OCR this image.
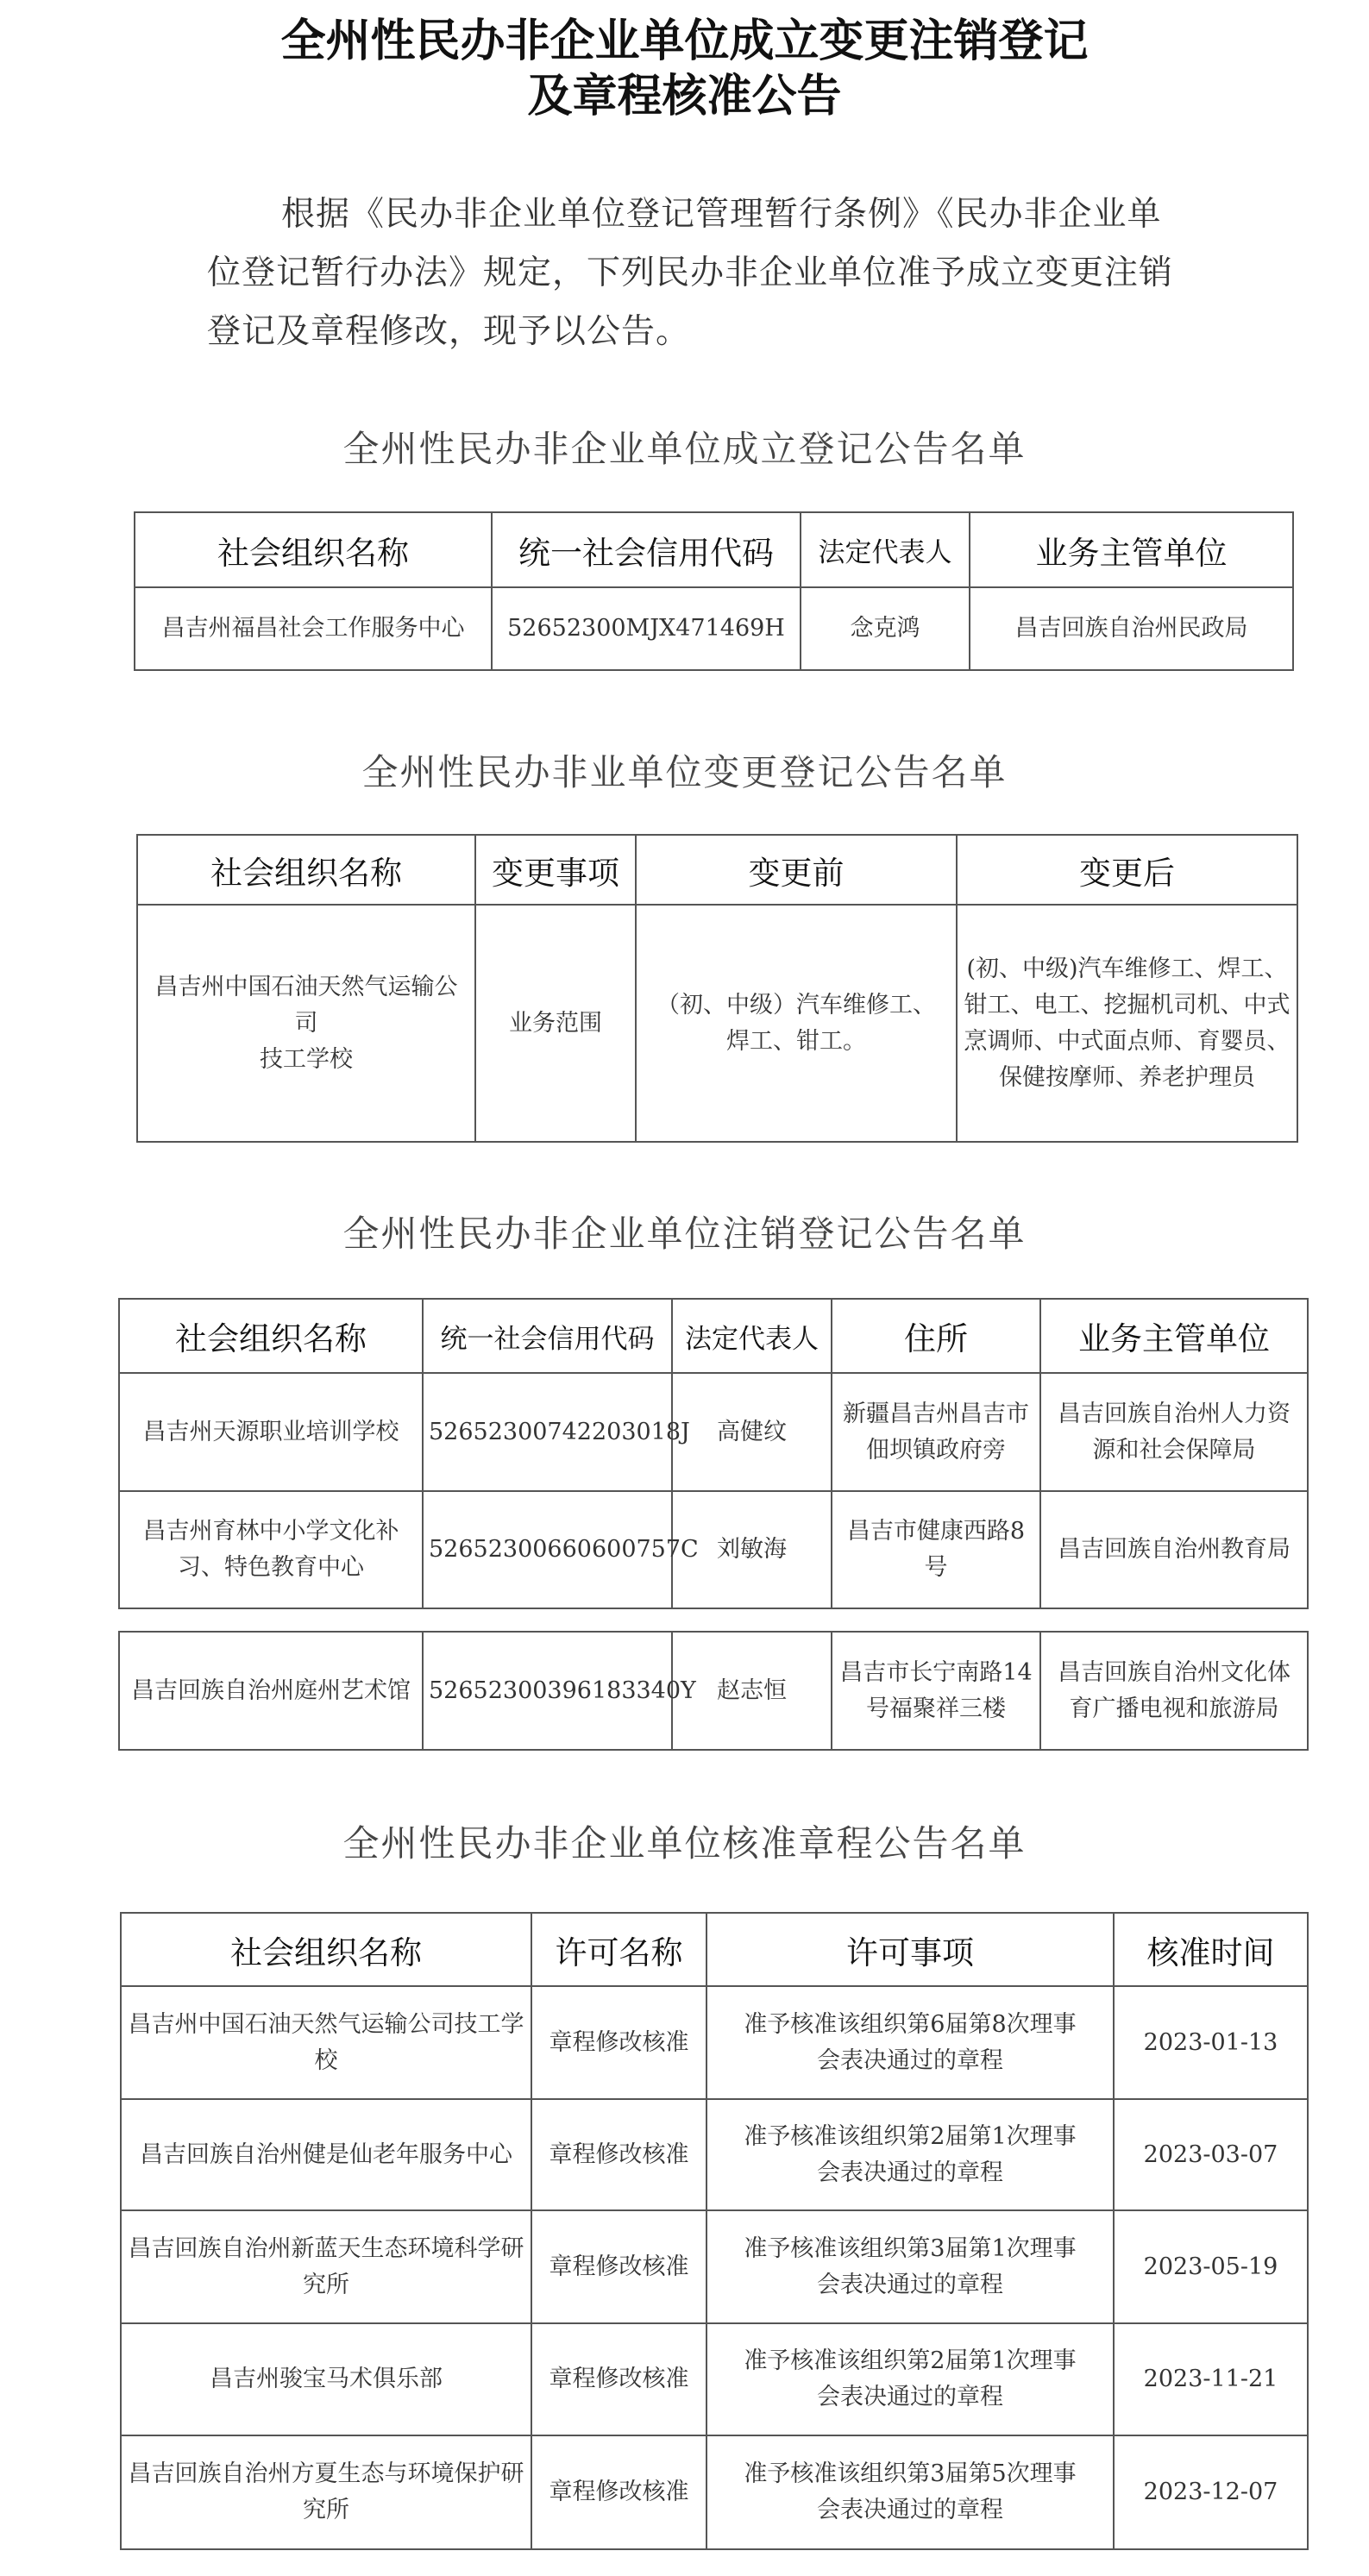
全州性民办非企业单位成立变更注销登记
及章程核准公告

根据《民办非企业单位登记管理暂行条例》《民办非企业单位登记暂行办法》规定，下列民办非企业单位准予成立变更注销登记及章程修改，现予以公告。

全州性民办非企业单位成立登记公告名单
社会组织名称	统一社会信用代码	法定代表人	业务主管单位
昌吉州福昌社会工作服务中心	52652300MJX471469H	念克鸿	昌吉回族自治州民政局
全州性民办非业单位变更登记公告名单
社会组织名称	变更事项	变更前	变更后

昌吉州中国石油天然气运输公
司
技工学校	业务范围	（初、中级）汽车维修工、焊工、钳工。	(初、中级)汽车维修工、焊工、钳工、电工、挖掘机司机、中式烹调师、中式面点师、育婴员、保健按摩师、养老护理员
全州性民办非企业单位注销登记公告名单
社会组织名称	统一社会信用代码	法定代表人	住所	业务主管单位
昌吉州天源职业培训学校	52652300742203018J	高健纹	新疆昌吉州昌吉市佃坝镇政府旁	昌吉回族自治州人力资源和社会保障局
昌吉州育林中小学文化补习、特色教育中心	52652300660600757C	刘敏海	昌吉市健康西路8号	昌吉回族自治州教育局
昌吉回族自治州庭州艺术馆	52652300396183340Y	赵志恒	昌吉市长宁南路14号福聚祥三楼	昌吉回族自治州文化体育广播电视和旅游局
全州性民办非企业单位核准章程公告名单
社会组织名称	许可名称	许可事项	核准时间
昌吉州中国石油天然气运输公司技工学校	章程修改核准	准予核准该组织第6届第8次理事会表决通过的章程	2023-01-13
昌吉回族自治州健是仙老年服务中心	章程修改核准	准予核准该组织第2届第1次理事会表决通过的章程	2023-03-07
昌吉回族自治州新蓝天生态环境科学研究所	章程修改核准	准予核准该组织第3届第1次理事会表决通过的章程	2023-05-19
昌吉州骏宝马术俱乐部	章程修改核准	准予核准该组织第2届第1次理事会表决通过的章程	2023-11-21
昌吉回族自治州方夏生态与环境保护研究所	章程修改核准	准予核准该组织第3届第5次理事会表决通过的章程	2023-12-07
